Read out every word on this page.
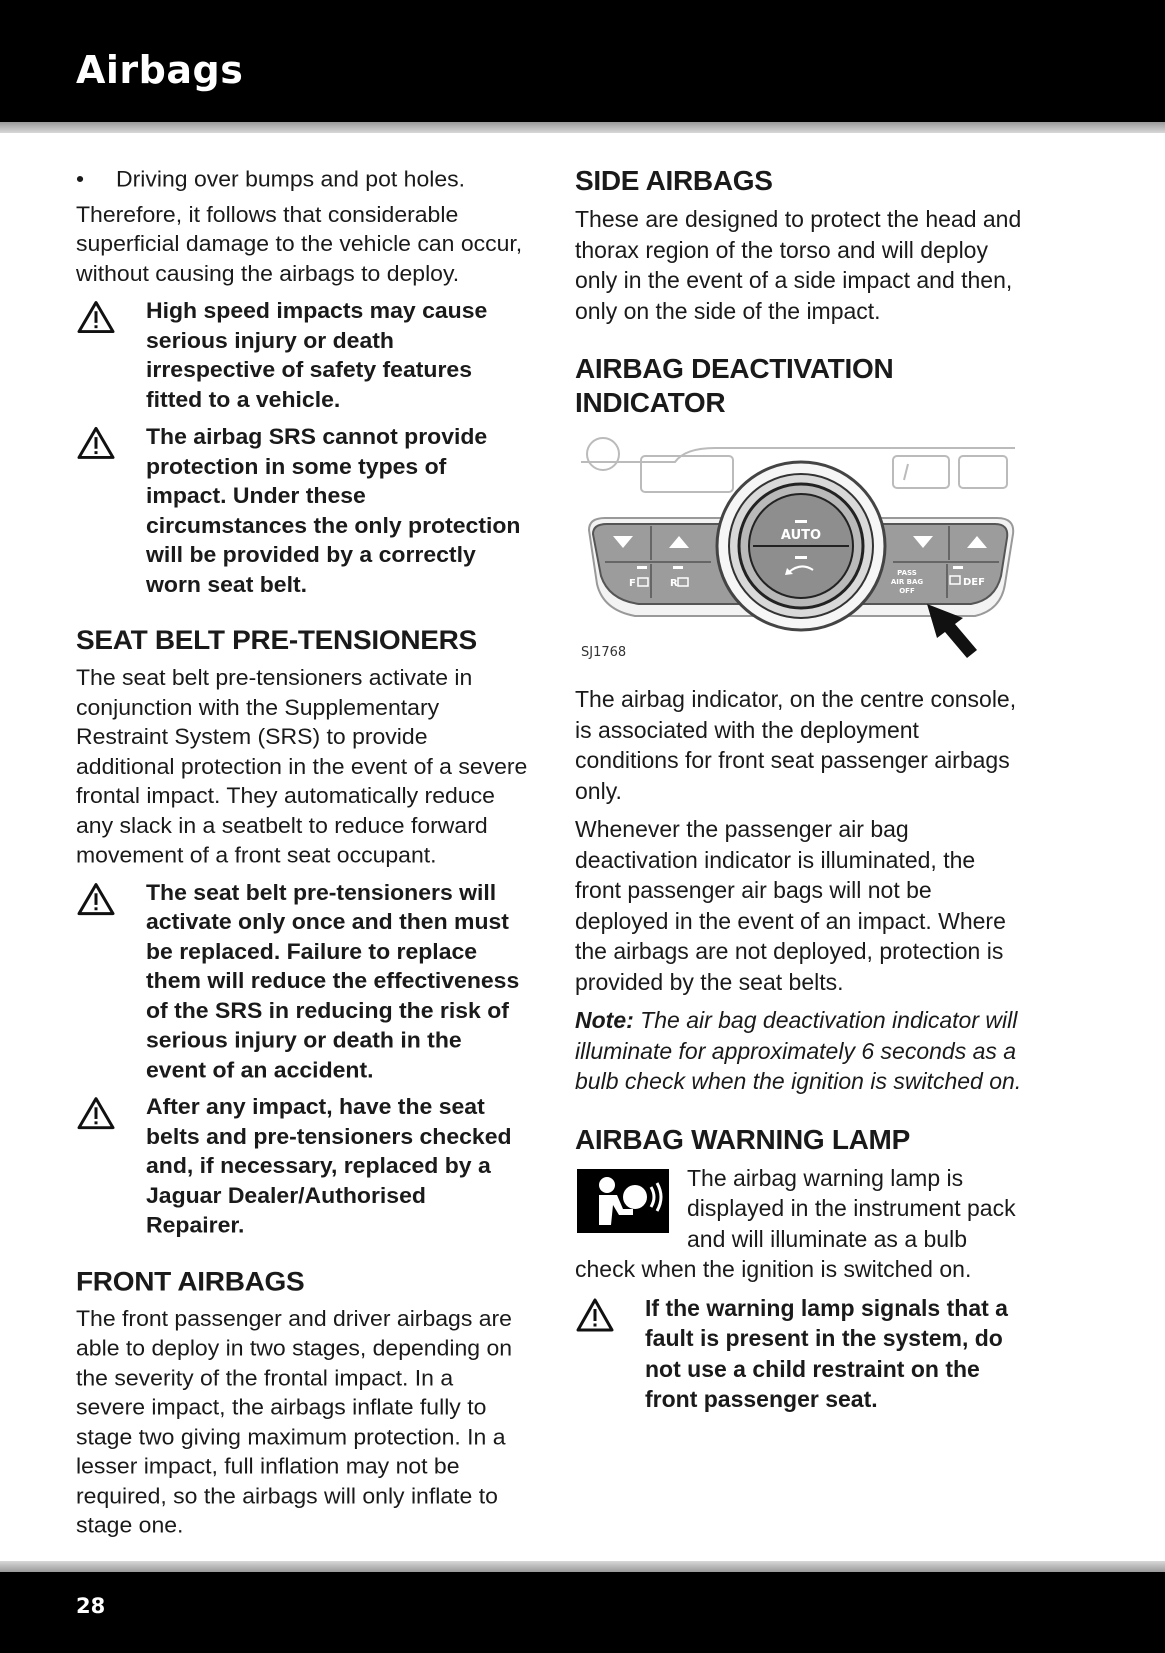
Airbags
• Driving over bumps and pot holes.

Therefore, it follows that considerable superficial damage to the vehicle can occur, without causing the airbags to deploy.

High speed impacts may cause serious injury or death irrespective of safety features fitted to a vehicle.
The airbag SRS cannot provide protection in some types of impact. Under these circumstances the only protection will be provided by a correctly worn seat belt.
SEAT BELT PRE-TENSIONERS

The seat belt pre-tensioners activate in conjunction with the Supplementary Restraint System (SRS) to provide additional protection in the event of a severe frontal impact. They automatically reduce any slack in a seatbelt to reduce forward movement of a front seat occupant.

The seat belt pre-tensioners will activate only once and then must be replaced. Failure to replace them will reduce the effectiveness of the SRS in reducing the risk of serious injury or death in the event of an accident.
After any impact, have the seat belts and pre-tensioners checked and, if necessary, replaced by a Jaguar Dealer/Authorised Repairer.
FRONT AIRBAGS

The front passenger and driver airbags are able to deploy in two stages, depending on the severity of the frontal impact. In a severe impact, the airbags inflate fully to stage two giving maximum protection. In a lesser impact, full inflation may not be required, so the airbags will only inflate to stage one.

SIDE AIRBAGS

These are designed to protect the head and thorax region of the torso and will deploy only in the event of a side impact and then, only on the side of the impact.

AIRBAG DEACTIVATION INDICATOR
F	R
PASS
AIR BAG
OFF
DEF
AUTO
SJ1768

The airbag indicator, on the centre console, is associated with the deployment conditions for front seat passenger airbags only.

Whenever the passenger air bag deactivation indicator is illuminated, the front passenger air bags will not be deployed in the event of an impact. Where the airbags are not deployed, protection is provided by the seat belts.

Note: The air bag deactivation indicator will illuminate for approximately 6 seconds as a bulb check when the ignition is switched on.

AIRBAG WARNING LAMP

The airbag warning lamp is displayed in the instrument pack and will illuminate as a bulb check when the ignition is switched on.

If the warning lamp signals that a fault is present in the system, do not use a child restraint on the front passenger seat.
28
